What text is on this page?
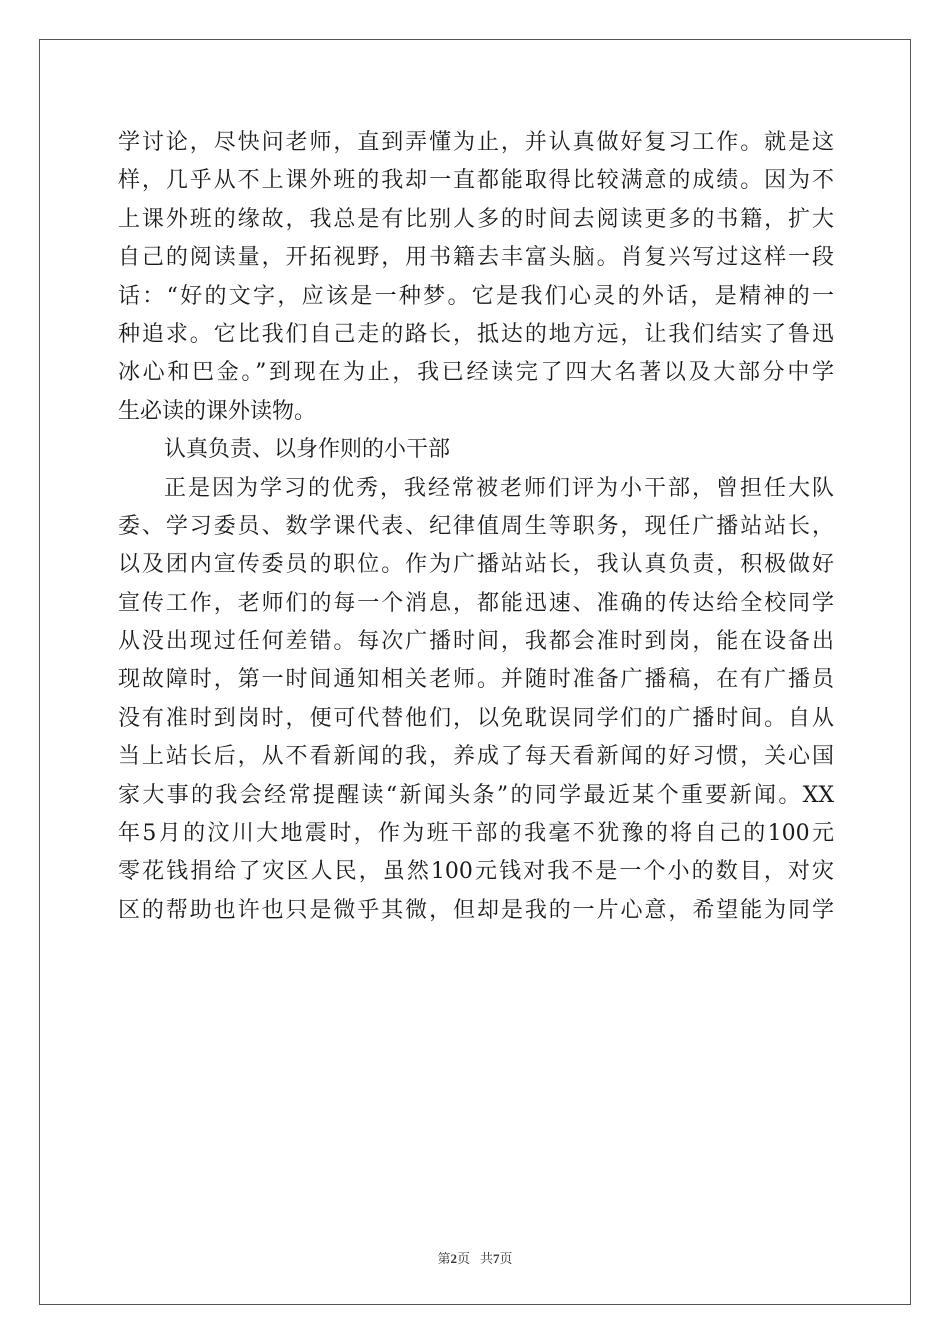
学讨论，尽快问老师，直到弄懂为止，并认真做好复习工作。就是这
样，几乎从不上课外班的我却一直都能取得比较满意的成绩。因为不
上课外班的缘故，我总是有比别人多的时间去阅读更多的书籍，扩大
自己的阅读量，开拓视野，用书籍去丰富头脑。肖复兴写过这样一段
话：“好的文字，应该是一种梦。它是我们心灵的外话，是精神的一
种追求。它比我们自己走的路长，抵达的地方远，让我们结实了鲁迅
冰心和巴金。”到现在为止，我已经读完了四大名著以及大部分中学
生必读的课外读物。
认真负责、以身作则的小干部
正是因为学习的优秀，我经常被老师们评为小干部，曾担任大队
委、学习委员、数学课代表、纪律值周生等职务，现任广播站站长，
以及团内宣传委员的职位。作为广播站站长，我认真负责，积极做好
宣传工作，老师们的每一个消息，都能迅速、准确的传达给全校同学
从没出现过任何差错。每次广播时间，我都会准时到岗，能在设备出
现故障时，第一时间通知相关老师。并随时准备广播稿，在有广播员
没有准时到岗时，便可代替他们，以免耽误同学们的广播时间。自从
当上站长后，从不看新闻的我，养成了每天看新闻的好习惯，关心国
家大事的我会经常提醒读“新闻头条”的同学最近某个重要新闻。XX
年5月的汶川大地震时，作为班干部的我毫不犹豫的将自己的100元
零花钱捐给了灾区人民，虽然100元钱对我不是一个小的数目，对灾
区的帮助也许也只是微乎其微，但却是我的一片心意，希望能为同学
第2页 共7页
